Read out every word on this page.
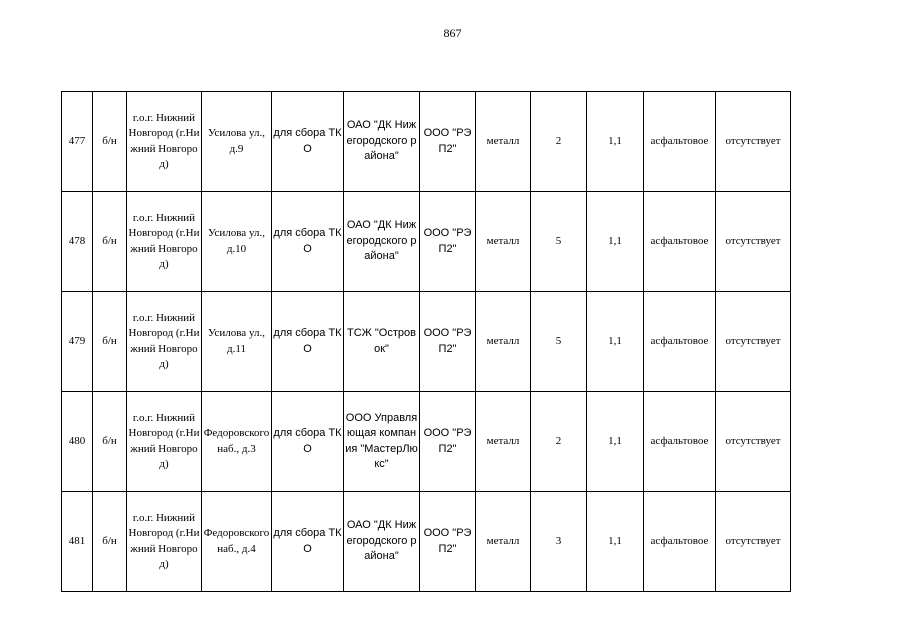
867
477	б/н	г.о.г. Нижний Новгород (г.Нижний Новгород)	Усилова ул., д.9	для сбора ТКО	ОАО "ДК Нижегородского района"	ООО "РЭП2"	металл	2	1,1	асфальтовое	отсутствует
478	б/н	г.о.г. Нижний Новгород (г.Нижний Новгород)	Усилова ул., д.10	для сбора ТКО	ОАО "ДК Нижегородского района"	ООО "РЭП2"	металл	5	1,1	асфальтовое	отсутствует
479	б/н	г.о.г. Нижний Новгород (г.Нижний Новгород)	Усилова ул., д.11	для сбора ТКО	ТСЖ "Островок"	ООО "РЭП2"	металл	5	1,1	асфальтовое	отсутствует
480	б/н	г.о.г. Нижний Новгород (г.Нижний Новгород)	Федоровского наб., д.3	для сбора ТКО	ООО Управляющая компания "МастерЛюкс"	ООО "РЭП2"	металл	2	1,1	асфальтовое	отсутствует
481	б/н	г.о.г. Нижний Новгород (г.Нижний Новгород)	Федоровского наб., д.4	для сбора ТКО	ОАО "ДК Нижегородского района"	ООО "РЭП2"	металл	3	1,1	асфальтовое	отсутствует
